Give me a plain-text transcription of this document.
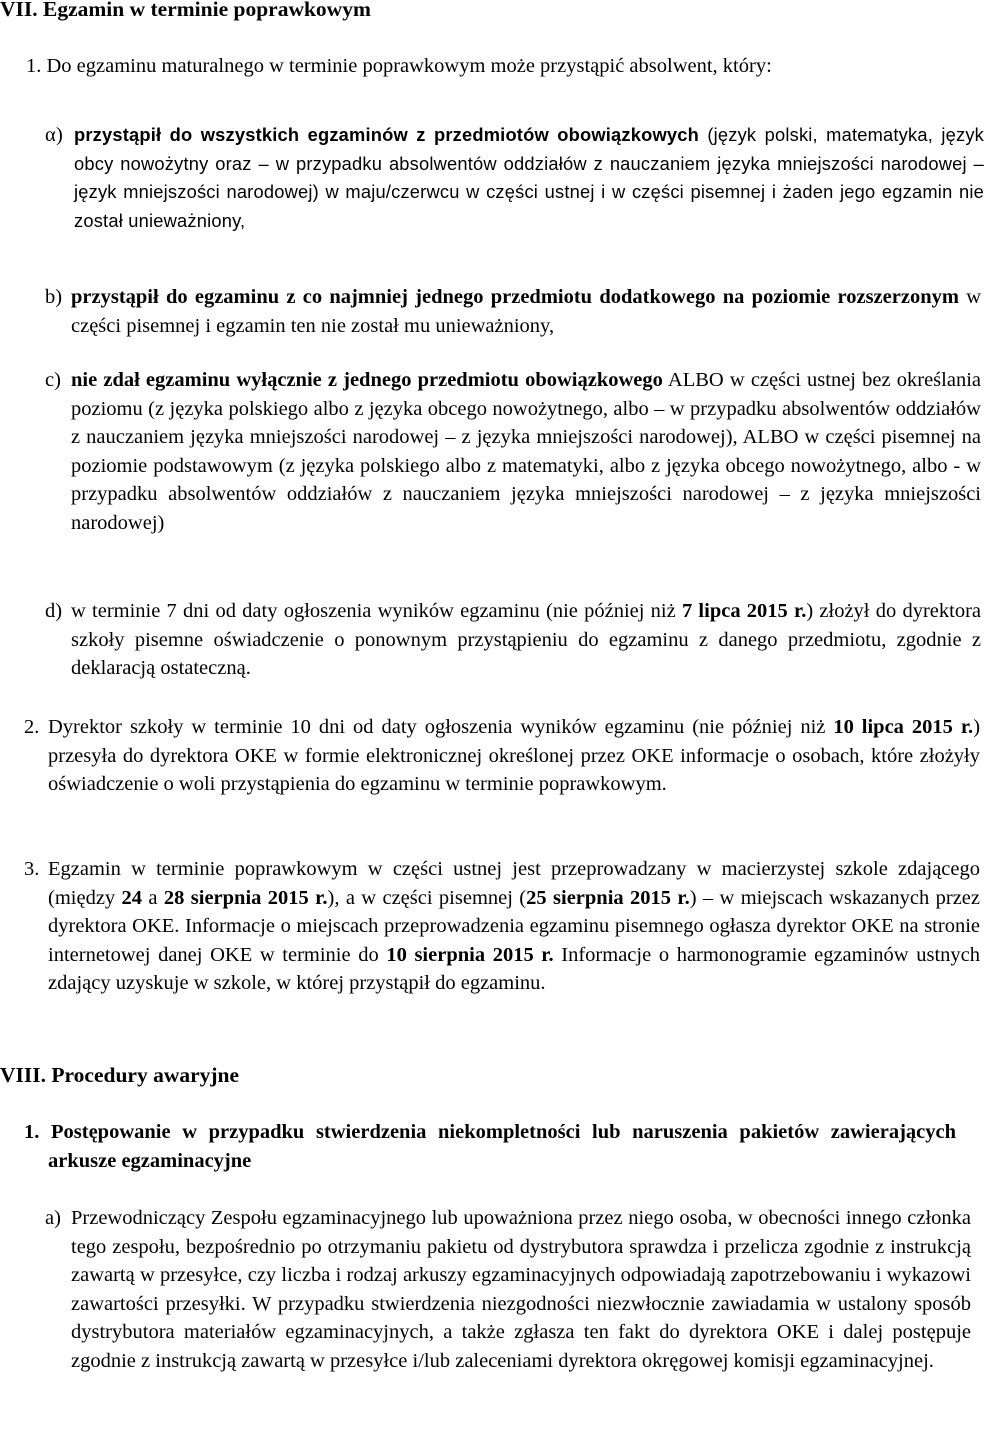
VII. Egzamin w terminie poprawkowym

1. Do egzaminu maturalnego w terminie poprawkowym może przystąpić absolwent, który:

α) przystąpił do wszystkich egzaminów z przedmiotów obowiązkowych (język polski, matematyka, język obcy nowożytny oraz – w przypadku absolwentów oddziałów z nauczaniem języka mniejszości narodowej – język mniejszości narodowej) w maju/czerwcu w części ustnej i w części pisemnej i żaden jego egzamin nie został unieważniony,

b) przystąpił do egzaminu z co najmniej jednego przedmiotu dodatkowego na poziomie rozszerzonym w części pisemnej i egzamin ten nie został mu unieważniony,

c) nie zdał egzaminu wyłącznie z jednego przedmiotu obowiązkowego ALBO w części ustnej bez określania poziomu (z języka polskiego albo z języka obcego nowożytnego, albo – w przypadku absolwentów oddziałów z nauczaniem języka mniejszości narodowej – z języka mniejszości narodowej), ALBO w części pisemnej na poziomie podstawowym (z języka polskiego albo z matematyki, albo z języka obcego nowożytnego, albo - w przypadku absolwentów oddziałów z nauczaniem języka mniejszości narodowej – z języka mniejszości narodowej)

d) w terminie 7 dni od daty ogłoszenia wyników egzaminu (nie później niż 7 lipca 2015 r.) złożył do dyrektora szkoły pisemne oświadczenie o ponownym przystąpieniu do egzaminu z danego przedmiotu, zgodnie z deklaracją ostateczną.

2. Dyrektor szkoły w terminie 10 dni od daty ogłoszenia wyników egzaminu (nie później niż 10 lipca 2015 r.) przesyła do dyrektora OKE w formie elektronicznej określonej przez OKE informacje o osobach, które złożyły oświadczenie o woli przystąpienia do egzaminu w terminie poprawkowym.

3. Egzamin w terminie poprawkowym w części ustnej jest przeprowadzany w macierzystej szkole zdającego (między 24 a 28 sierpnia 2015 r.), a w części pisemnej (25 sierpnia 2015 r.) – w miejscach wskazanych przez dyrektora OKE. Informacje o miejscach przeprowadzenia egzaminu pisemnego ogłasza dyrektor OKE na stronie internetowej danej OKE w terminie do 10 sierpnia 2015 r. Informacje o harmonogramie egzaminów ustnych zdający uzyskuje w szkole, w której przystąpił do egzaminu.

VIII. Procedury awaryjne

1. Postępowanie w przypadku stwierdzenia niekompletności lub naruszenia pakietów zawierających arkusze egzaminacyjne

a) Przewodniczący Zespołu egzaminacyjnego lub upoważniona przez niego osoba, w obecności innego członka tego zespołu, bezpośrednio po otrzymaniu pakietu od dystrybutora sprawdza i przelicza zgodnie z instrukcją zawartą w przesyłce, czy liczba i rodzaj arkuszy egzaminacyjnych odpowiadają zapotrzebowaniu i wykazowi zawartości przesyłki. W przypadku stwierdzenia niezgodności niezwłocznie zawiadamia w ustalony sposób dystrybutora materiałów egzaminacyjnych, a także zgłasza ten fakt do dyrektora OKE i dalej postępuje zgodnie z instrukcją zawartą w przesyłce i/lub zaleceniami dyrektora okręgowej komisji egzaminacyjnej.
